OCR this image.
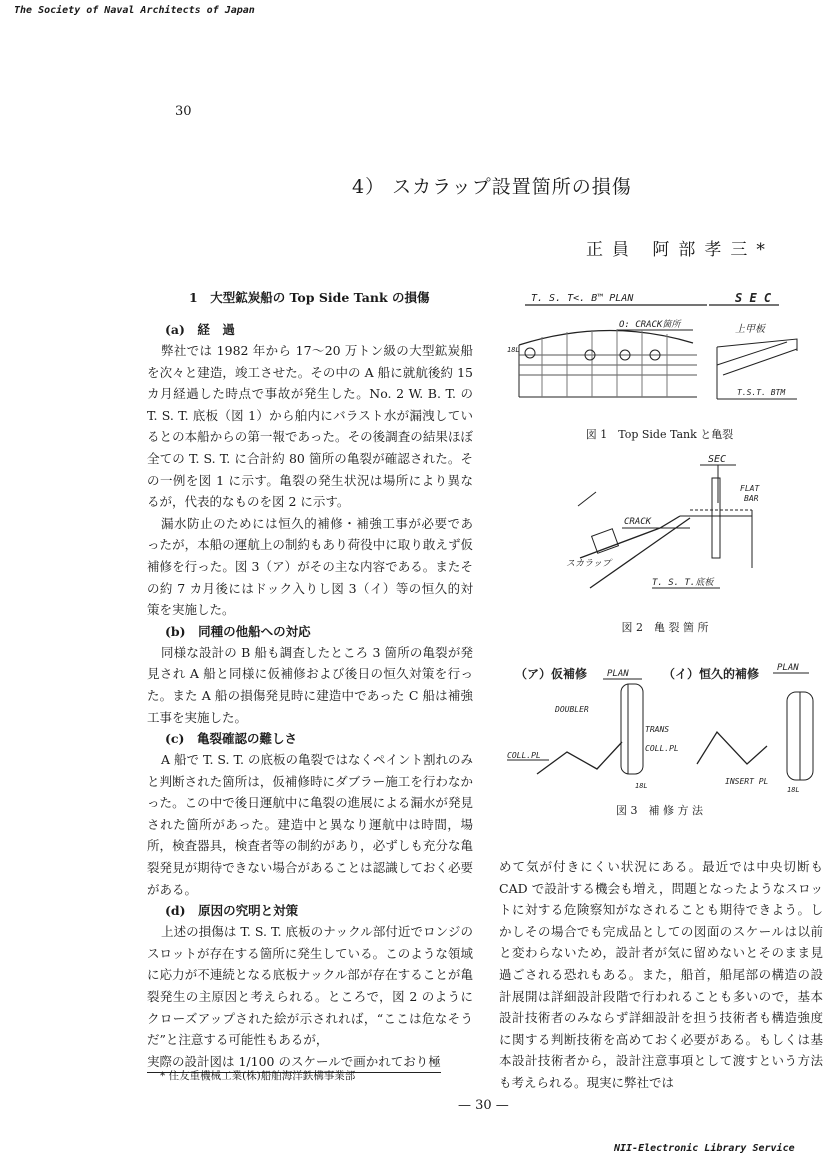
The Society of Naval Architects of Japan
30
4） スカラップ設置箇所の損傷
正員 阿部孝三*
1　大型鉱炭船の Top Side Tank の損傷
(a)　経　過

弊社では 1982 年から 17～20 万トン級の大型鉱炭船を次々と建造，竣工させた。その中の A 船に就航後約 15 カ月経過した時点で事故が発生した。No. 2 W. B. T. の T. S. T. 底板（図 1）から舶内にバラスト水が漏洩しているとの本船からの第一報であった。その後調査の結果ほぼ全ての T. S. T. に合計約 80 箇所の亀裂が確認された。その一例を図 1 に示す。亀裂の発生状況は場所により異なるが，代表的なものを図 2 に示す。

漏水防止のためには恒久的補修・補強工事が必要であったが，本船の運航上の制約もあり荷役中に取り敢えず仮補修を行った。図 3（ア）がその主な内容である。またその約 7 カ月後にはドック入りし図 3（イ）等の恒久的対策を実施した。

(b)　同種の他船への対応

同様な設計の B 船も調査したところ 3 箇所の亀裂が発見され A 船と同様に仮補修および後日の恒久対策を行った。また A 船の損傷発見時に建造中であった C 船は補強工事を実施した。

(c)　亀裂確認の難しさ

A 船で T. S. T. の底板の亀裂ではなくペイント割れのみと判断された箇所は，仮補修時にダブラー施工を行わなかった。この中で後日運航中に亀裂の進展による漏水が発見された箇所があった。建造中と異なり運航中は時間，場所，検査器具，検査者等の制約があり，必ずしも充分な亀裂発見が期待できない場合があることは認識しておく必要がある。

(d)　原因の究明と対策

上述の損傷は T. S. T. 底板のナックル部付近でロンジのスロットが存在する箇所に発生している。このような領域に応力が不連続となる底板ナックル部が存在することが亀裂発生の主原因と考えられる。ところで，図 2 のようにクローズアップされた絵が示されれば，“ここは危なそうだ”と注意する可能性もあるが，

実際の設計図は 1/100 のスケールで画かれており極
* 住友重機械工業(株)船舶海洋鉄構事業部

めて気が付きにくい状況にある。最近では中央切断も CAD で設計する機会も増え，問題となったようなスロットに対する危険察知がなされることも期待できよう。しかしその場合でも完成品としての図面のスケールは以前と変わらないため，設計者が気に留めないとそのまま見過ごされる恐れもある。また，船首，船尾部の構造の設計展開は詳細設計段階で行われることも多いので，基本設計技術者のみならず詳細設計を担う技術者も構造強度に関する判断技術を高めておく必要がある。もしくは基本設計技術者から，設計注意事項として渡すという方法も考えられる。現実に弊社では

T. S. T<. B™ PLAN	S E C
O: CRACK箇所
18L
上甲板
T.S.T. BTM
図 1　Top Side Tank と亀裂
SEC
FLAT
BAR
CRACK
スカラップ
T. S. T.底板
図 2　亀 裂 箇 所
（ア）仮補修 PLAN	（イ）恒久的補修 PLAN
DOUBLER
TRANS
COLL.PL
COLL.PL
18L	INSERT PL
18L
図 3　補 修 方 法
— 30 —
NII-Electronic Library Service
